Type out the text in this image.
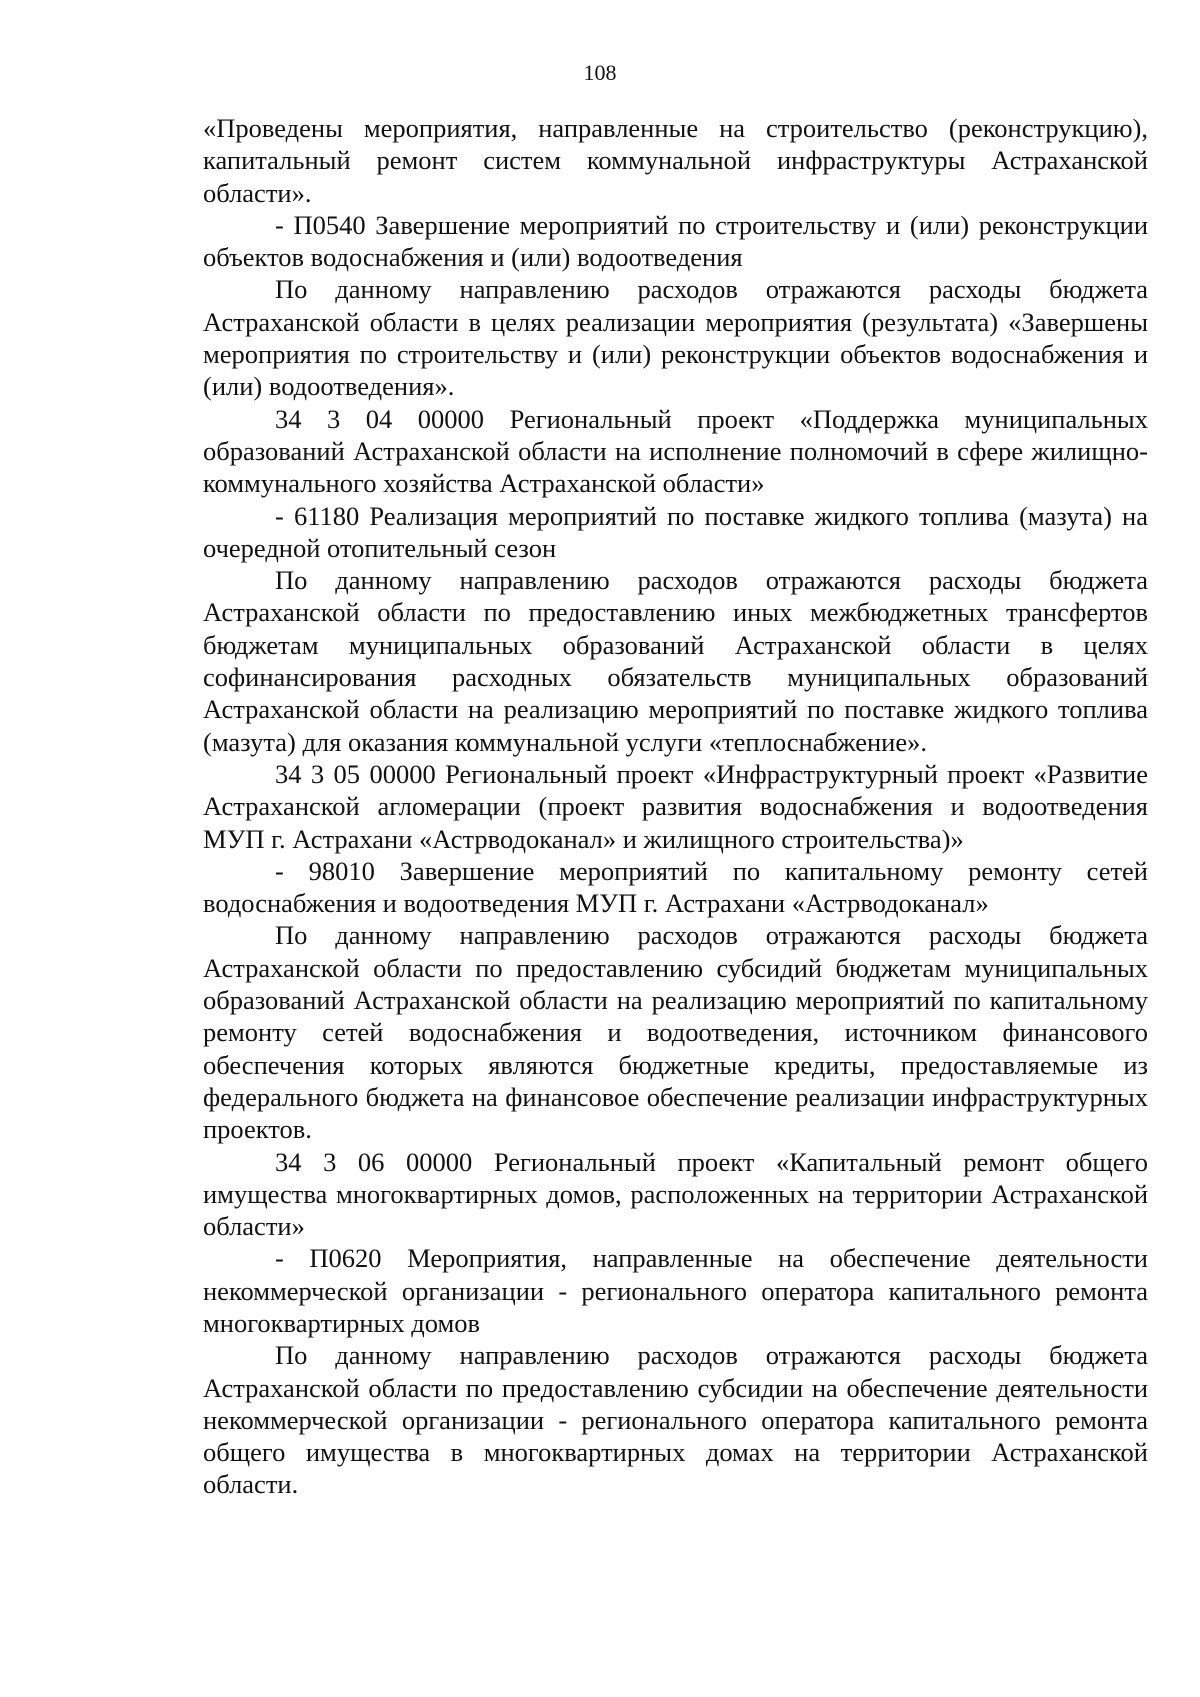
108

«Проведены мероприятия, направленные на строительство (реконструкцию), капитальный ремонт систем коммунальной инфраструктуры Астраханской области».

- П0540 Завершение мероприятий по строительству и (или) реконструкции объектов водоснабжения и (или) водоотведения

По данному направлению расходов отражаются расходы бюджета Астраханской области в целях реализации мероприятия (результата) «Завершены мероприятия по строительству и (или) реконструкции объектов водоснабжения и (или) водоотведения».

34 3 04 00000 Региональный проект «Поддержка муниципальных образований Астраханской области на исполнение полномочий в сфере жилищно-коммунального хозяйства Астраханской области»

- 61180 Реализация мероприятий по поставке жидкого топлива (мазута) на очередной отопительный сезон

По данному направлению расходов отражаются расходы бюджета Астраханской области по предоставлению иных межбюджетных трансфертов бюджетам муниципальных образований Астраханской области в целях софинансирования расходных обязательств муниципальных образований Астраханской области на реализацию мероприятий по поставке жидкого топлива (мазута) для оказания коммунальной услуги «теплоснабжение».

34 3 05 00000 Региональный проект «Инфраструктурный проект «Развитие Астраханской агломерации (проект развития водоснабжения и водоотведения МУП г. Астрахани «Астрводоканал» и жилищного строительства)»

- 98010 Завершение мероприятий по капитальному ремонту сетей водоснабжения и водоотведения МУП г. Астрахани «Астрводоканал»

По данному направлению расходов отражаются расходы бюджета Астраханской области по предоставлению субсидий бюджетам муниципальных образований Астраханской области на реализацию мероприятий по капитальному ремонту сетей водоснабжения и водоотведения, источником финансового обеспечения которых являются бюджетные кредиты, предоставляемые из федерального бюджета на финансовое обеспечение реализации инфраструктурных проектов.

34 3 06 00000 Региональный проект «Капитальный ремонт общего имущества многоквартирных домов, расположенных на территории Астраханской области»

- П0620 Мероприятия, направленные на обеспечение деятельности некоммерческой организации - регионального оператора капитального ремонта многоквартирных домов

По данному направлению расходов отражаются расходы бюджета Астраханской области по предоставлению субсидии на обеспечение деятельности некоммерческой организации - регионального оператора капитального ремонта общего имущества в многоквартирных домах на территории Астраханской области.
